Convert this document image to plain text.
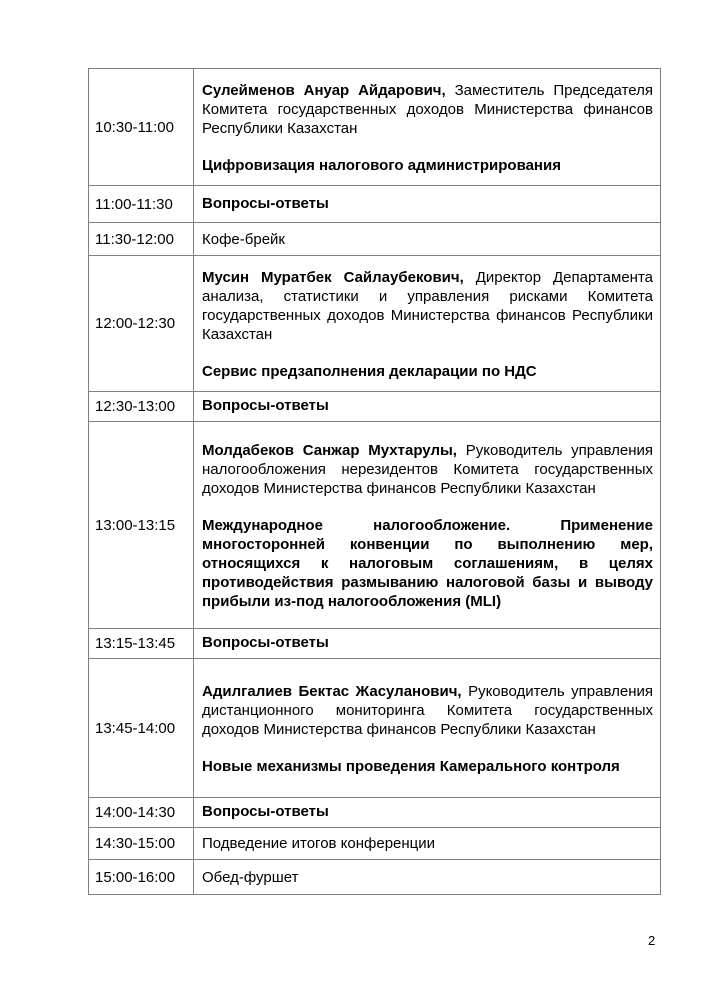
10:30-11:00	Сулейменов Ануар Айдарович, Заместитель Председателя Комитета государственных доходов Министерства финансов Республики Казахстан

Цифровизация налогового администрирования

11:00-11:30	Вопросы-ответы
11:30-12:00	Кофе-брейк
12:00-12:30	Мусин Муратбек Сайлаубекович, Директор Департамента анализа, статистики и управления рисками Комитета государственных доходов Министерства финансов Республики Казахстан

Сервис предзаполнения декларации по НДС

12:30-13:00	Вопросы-ответы
13:00-13:15	Молдабеков Санжар Мухтарулы, Руководитель управления налогообложения нерезидентов Комитета государственных доходов Министерства финансов Республики Казахстан

Международное налогообложение. Применение многосторонней конвенции по выполнению мер, относящихся к налоговым соглашениям, в целях противодействия размыванию налоговой базы и выводу прибыли из-под налогообложения (MLI)

13:15-13:45	Вопросы-ответы
13:45-14:00	Адилгалиев Бектас Жасуланович, Руководитель управления дистанционного мониторинга Комитета государственных доходов Министерства финансов Республики Казахстан

Новые механизмы проведения Камерального контроля

14:00-14:30	Вопросы-ответы
14:30-15:00	Подведение итогов конференции
15:00-16:00	Обед-фуршет
2
